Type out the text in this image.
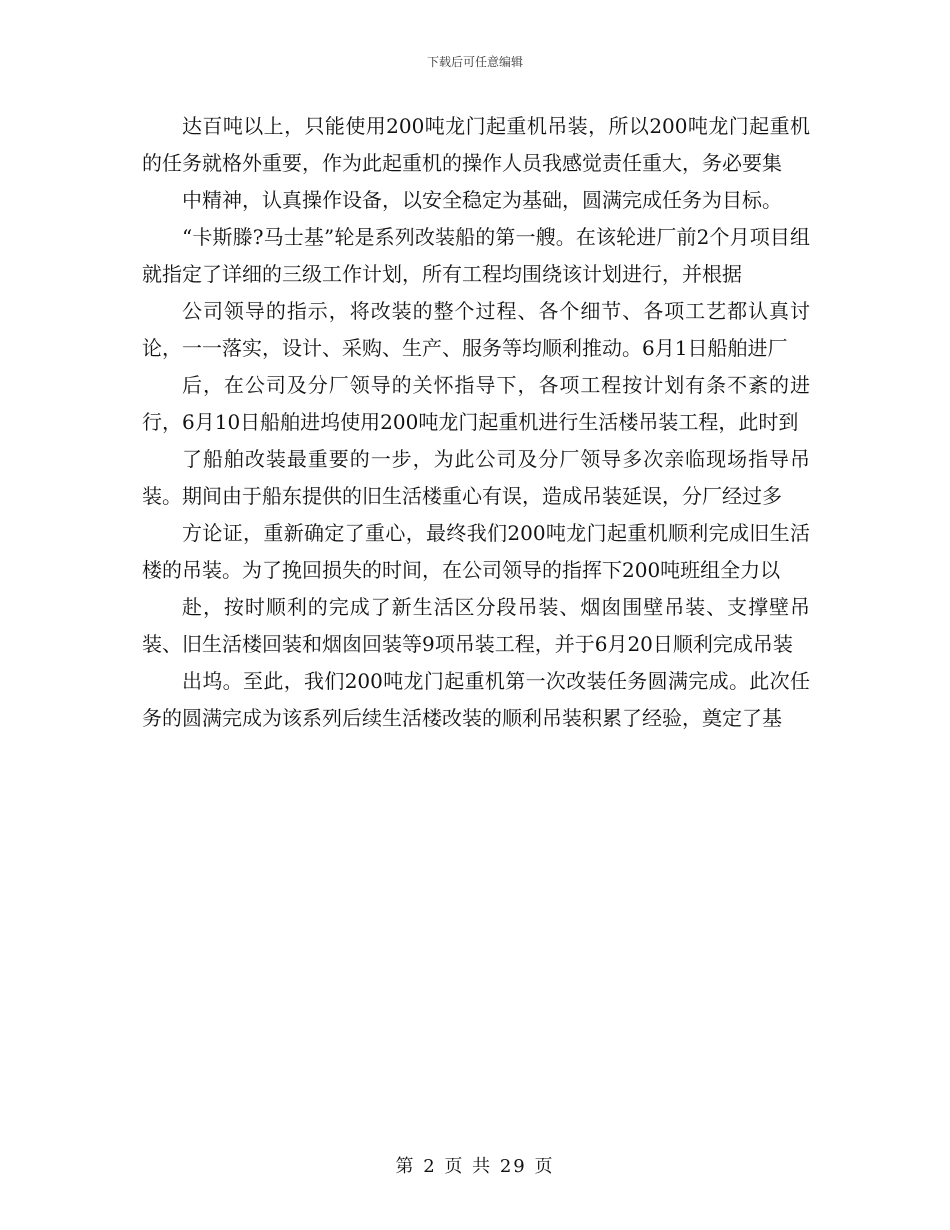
下载后可任意编辑

达百吨以上，只能使用200吨龙门起重机吊装，所以200吨龙门起重机的任务就格外重要，作为此起重机的操作人员我感觉责任重大，务必要集

中精神，认真操作设备，以安全稳定为基础，圆满完成任务为目标。

“卡斯滕?马士基”轮是系列改装船的第一艘。在该轮进厂前2个月项目组就指定了详细的三级工作计划，所有工程均围绕该计划进行，并根据

公司领导的指示，将改装的整个过程、各个细节、各项工艺都认真讨论，一一落实，设计、采购、生产、服务等均顺利推动。6月1日船舶进厂

后，在公司及分厂领导的关怀指导下，各项工程按计划有条不紊的进行，6月10日船舶进坞使用200吨龙门起重机进行生活楼吊装工程，此时到

了船舶改装最重要的一步，为此公司及分厂领导多次亲临现场指导吊装。期间由于船东提供的旧生活楼重心有误，造成吊装延误，分厂经过多

方论证，重新确定了重心，最终我们200吨龙门起重机顺利完成旧生活楼的吊装。为了挽回损失的时间，在公司领导的指挥下200吨班组全力以

赴，按时顺利的完成了新生活区分段吊装、烟囱围壁吊装、支撑壁吊装、旧生活楼回装和烟囱回装等9项吊装工程，并于6月20日顺利完成吊装

出坞。至此，我们200吨龙门起重机第一次改装任务圆满完成。此次任务的圆满完成为该系列后续生活楼改装的顺利吊装积累了经验，奠定了基

第 2 页 共 29 页
